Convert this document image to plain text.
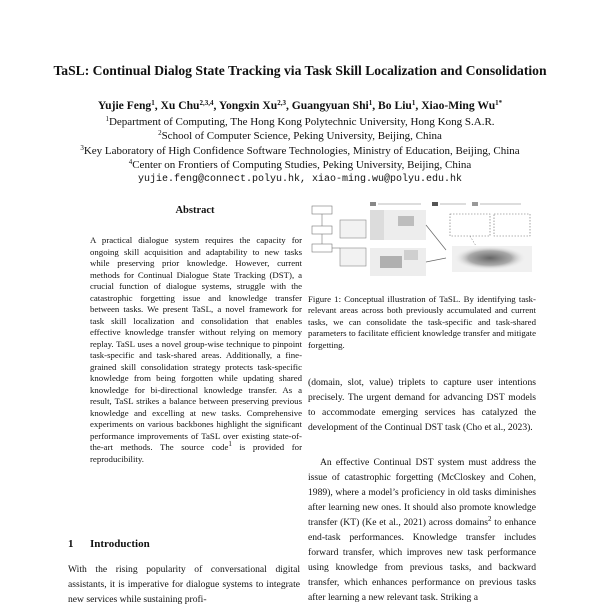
TaSL: Continual Dialog State Tracking via Task Skill Localization and Consolidation
Yujie Feng$^1$, Xu Chu$^{2,3,4}$, Yongxin Xu$^{2,3}$, Guangyuan Shi$^1$, Bo Liu$^1$, Xiao-Ming $Wu^{1*}$
$^1$Department of Computing, The Hong Kong Polytechnic University, Hong Kong S.A.R.
$^2$School of Computer Science, Peking University, Beijing, China
$^3$Key Laboratory of High Confidence Software Technologies, Ministry of Education, Beijing, China
$^4$Center on Frontiers of Computing Studies, Peking University, Beijing, China
yujie.feng@connect.polyu.hk, xiao-ming.wu@polyu.edu.hk
Abstract

A practical dialogue system requires the capacity for ongoing skill acquisition and adaptability to new tasks while preserving prior knowledge. However, current methods for Continual Dialogue State Tracking (DST), a crucial function of dialogue systems, struggle with the catastrophic forgetting issue and knowledge transfer between tasks. We present TaSL, a novel framework for task skill localization and consolidation that enables effective knowledge transfer without relying on memory replay. TaSL uses a novel group-wise technique to pinpoint task-specific and task-shared areas. Additionally, a fine-grained skill consolidation strategy protects task-specific knowledge from being forgotten while updating shared knowledge for bi-directional knowledge transfer. As a result, TaSL strikes a balance between preserving previous knowledge and excelling at new tasks. Comprehensive experiments on various backbones highlight the significant performance improvements of TaSL over existing state-of-the-art methods. The source code$^1$ is provided for reproducibility.

1 Introduction

With the rising popularity of conversational digital assistants, it is imperative for dialogue systems to integrate new services while sustaining profi-

Figure 1: Conceptual illustration of TaSL. By identifying task-relevant areas across both previously accumulated and current tasks, we can consolidate the task-specific and task-shared parameters to facilitate efficient knowledge transfer and mitigate forgetting.

(domain, slot, value) triplets to capture user intentions precisely. The urgent demand for advancing DST models to accommodate emerging services has catalyzed the development of the Continual DST task (Cho et al., 2023).

An effective Continual DST system must address the issue of catastrophic forgetting (McCloskey and Cohen, 1989), where a model’s proficiency in old tasks diminishes after learning new ones. It should also promote knowledge transfer (KT) (Ke et al., 2021) across domains$^2$ to enhance end-task performances. Knowledge transfer includes forward transfer, which improves new task performance using knowledge from previous tasks, and backward transfer, which enhances performance on previous tasks after learning a new relevant task. Striking a
